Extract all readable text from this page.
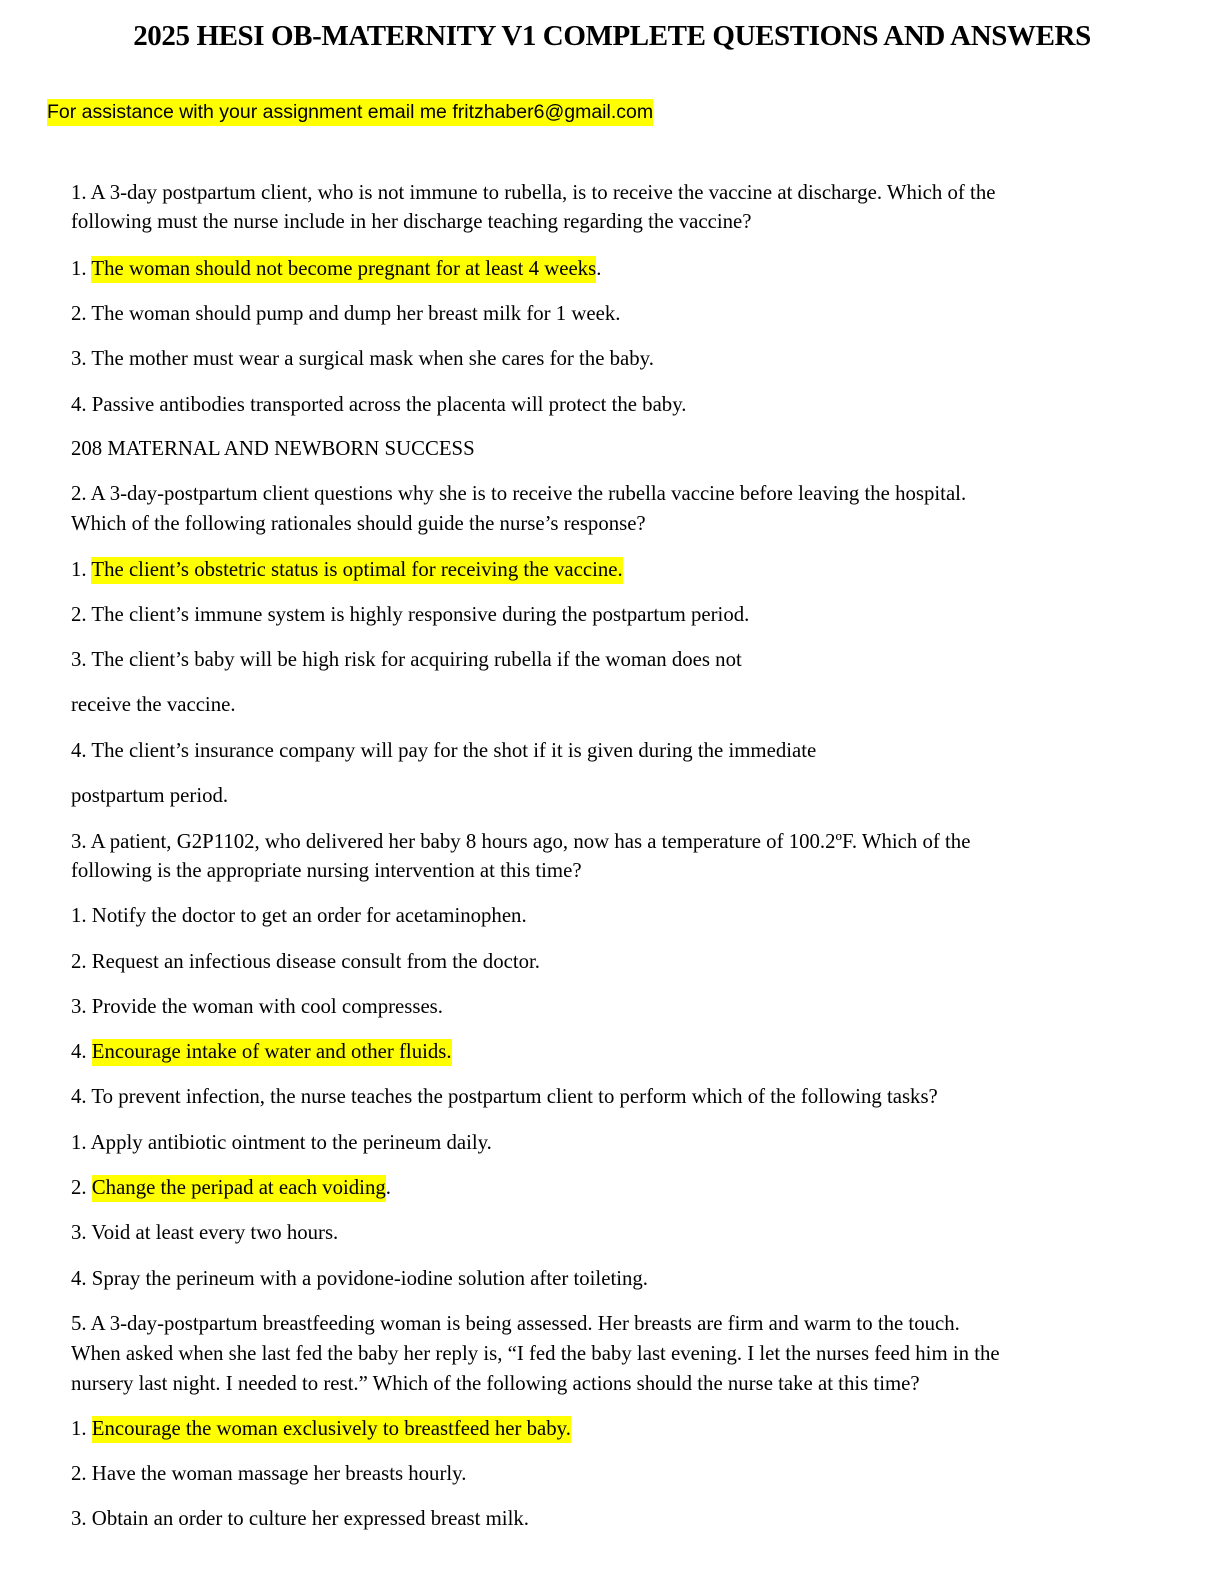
2025 HESI OB-MATERNITY V1 COMPLETE QUESTIONS AND ANSWERS
For assistance with your assignment email me fritzhaber6@gmail.com
1. A 3-day postpartum client, who is not immune to rubella, is to receive the vaccine at discharge. Which of the
following must the nurse include in her discharge teaching regarding the vaccine?
1. The woman should not become pregnant for at least 4 weeks.
2. The woman should pump and dump her breast milk for 1 week.
3. The mother must wear a surgical mask when she cares for the baby.
4. Passive antibodies transported across the placenta will protect the baby.
208 MATERNAL AND NEWBORN SUCCESS
2. A 3-day-postpartum client questions why she is to receive the rubella vaccine before leaving the hospital.
Which of the following rationales should guide the nurse’s response?
1. The client’s obstetric status is optimal for receiving the vaccine.
2. The client’s immune system is highly responsive during the postpartum period.
3. The client’s baby will be high risk for acquiring rubella if the woman does not
receive the vaccine.
4. The client’s insurance company will pay for the shot if it is given during the immediate
postpartum period.
3. A patient, G2P1102, who delivered her baby 8 hours ago, now has a temperature of 100.2ºF. Which of the
following is the appropriate nursing intervention at this time?
1. Notify the doctor to get an order for acetaminophen.
2. Request an infectious disease consult from the doctor.
3. Provide the woman with cool compresses.
4. Encourage intake of water and other fluids.
4. To prevent infection, the nurse teaches the postpartum client to perform which of the following tasks?
1. Apply antibiotic ointment to the perineum daily.
2. Change the peripad at each voiding.
3. Void at least every two hours.
4. Spray the perineum with a povidone-iodine solution after toileting.
5. A 3-day-postpartum breastfeeding woman is being assessed. Her breasts are firm and warm to the touch.
When asked when she last fed the baby her reply is, “I fed the baby last evening. I let the nurses feed him in the
nursery last night. I needed to rest.” Which of the following actions should the nurse take at this time?
1. Encourage the woman exclusively to breastfeed her baby.
2. Have the woman massage her breasts hourly.
3. Obtain an order to culture her expressed breast milk.
